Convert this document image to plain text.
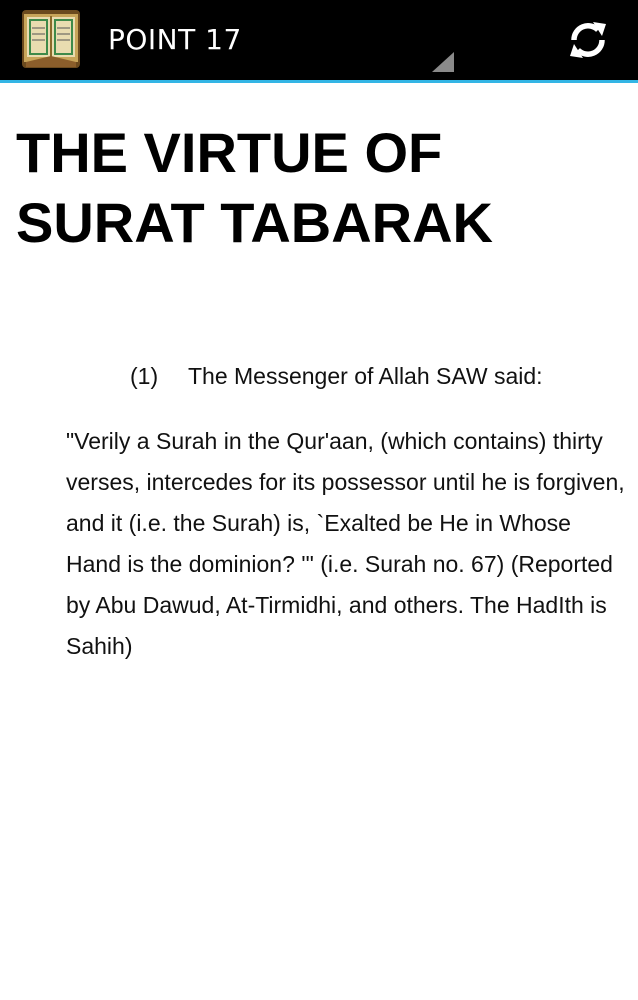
POINT 17
THE VIRTUE OF SURAT TABARAK
(1) The Messenger of Allah SAW said:

"Verily a Surah in the Qur'aan, (which contains) thirty verses, intercedes for its possessor until he is forgiven, and it (i.e. the Surah) is, `Exalted be He in Whose Hand is the dominion? '" (i.e. Surah no. 67) (Reported by Abu Dawud, At-Tirmidhi, and others. The HadIth is Sahih)
